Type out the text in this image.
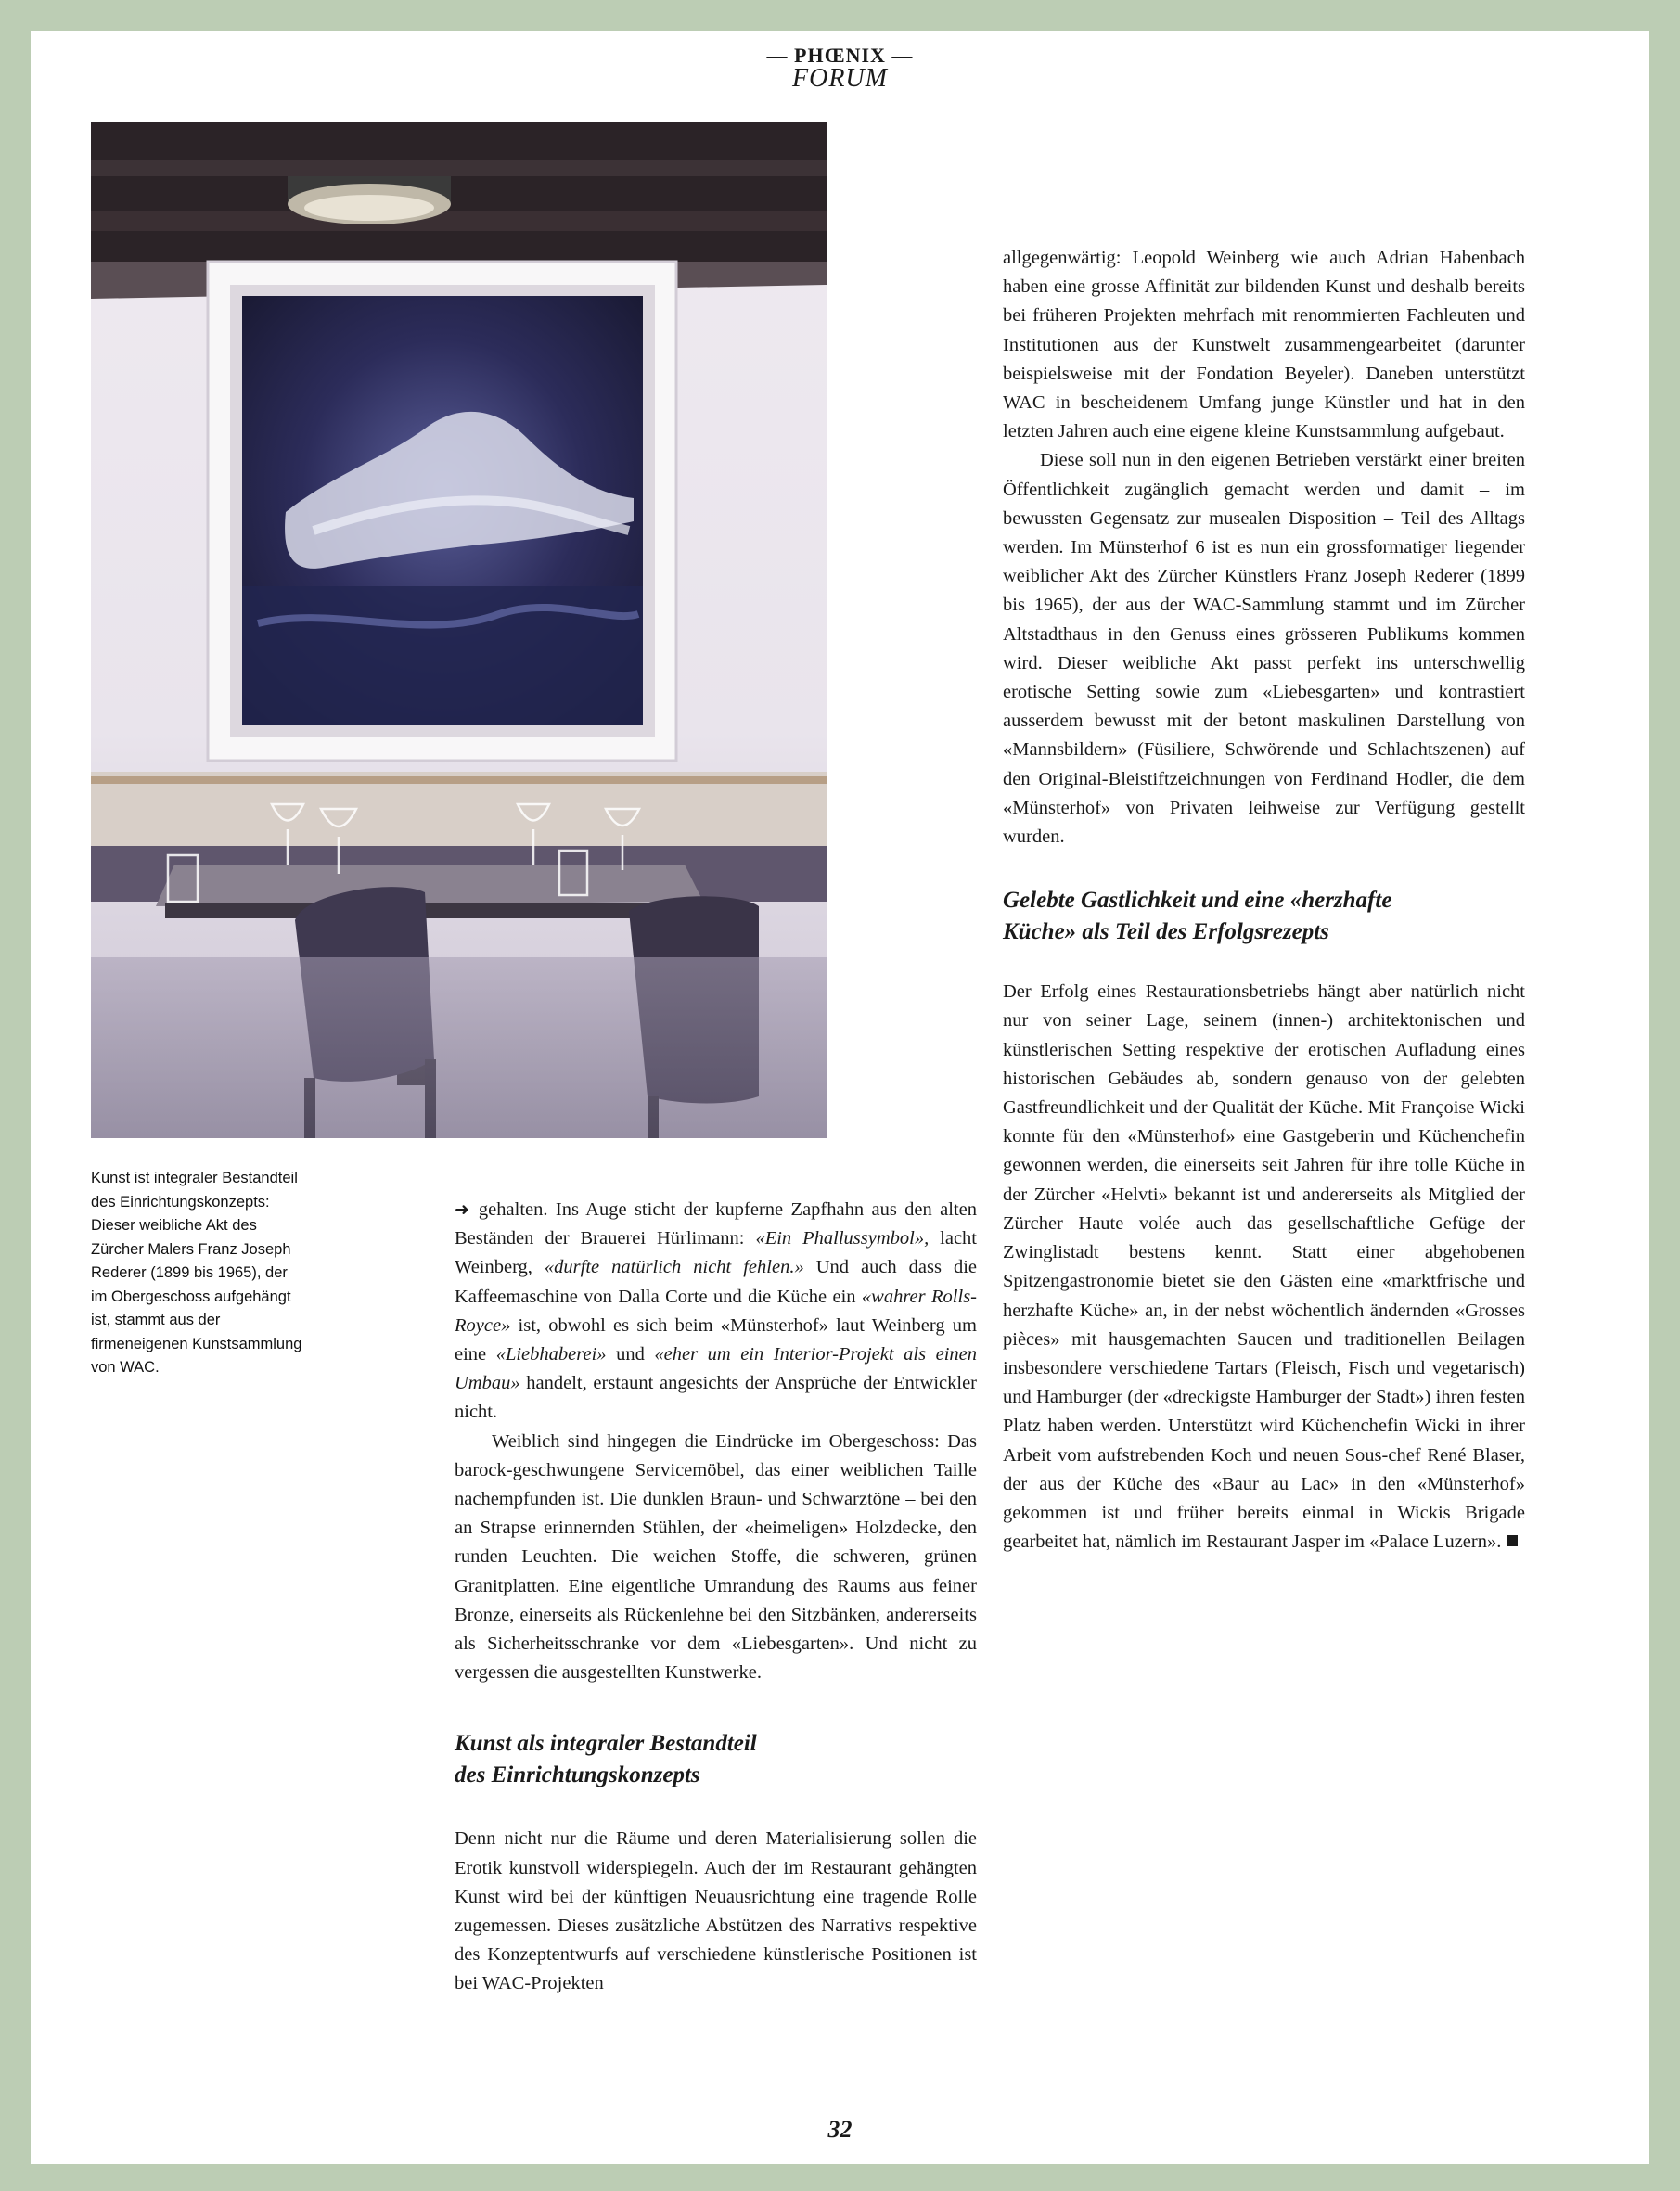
— PHŒNIX —
FORUM
Kunst ist integraler Bestandteil des Einrichtungskonzepts: Dieser weibliche Akt des Zürcher Malers Franz Joseph Rederer (1899 bis 1965), der im Obergeschoss aufgehängt ist, stammt aus der firmeneigenen Kunstsammlung von WAC.

➜ gehalten. Ins Auge sticht der kupferne Zapfhahn aus den alten Beständen der Brauerei Hürlimann: «Ein Phallussymbol», lacht Weinberg, «durfte natürlich nicht fehlen.» Und auch dass die Kaffeemaschine von Dalla Corte und die Küche ein «wahrer Rolls-Royce» ist, obwohl es sich beim «Münsterhof» laut Weinberg um eine «Liebhaberei» und «eher um ein Interior-Projekt als einen Umbau» handelt, erstaunt angesichts der Ansprüche der Entwickler nicht.

Weiblich sind hingegen die Eindrücke im Obergeschoss: Das barock-geschwungene Servicemöbel, das einer weiblichen Taille nachempfunden ist. Die dunklen Braun- und Schwarztöne – bei den an Strapse erinnernden Stühlen, der «heimeligen» Holzdecke, den runden Leuchten. Die weichen Stoffe, die schweren, grünen Granitplatten. Eine eigentliche Umrandung des Raums aus feiner Bronze, einerseits als Rückenlehne bei den Sitzbänken, andererseits als Sicherheitsschranke vor dem «Liebesgarten». Und nicht zu vergessen die ausgestellten Kunstwerke.

Kunst als integraler Bestandteil
des Einrichtungskonzepts

Denn nicht nur die Räume und deren Materialisierung sollen die Erotik kunstvoll widerspiegeln. Auch der im Restaurant gehängten Kunst wird bei der künftigen Neuausrichtung eine tragende Rolle zugemessen. Dieses zusätzliche Abstützen des Narrativs respektive des Konzeptentwurfs auf verschiedene künstlerische Positionen ist bei WAC-Projekten

allgegenwärtig: Leopold Weinberg wie auch Adrian Habenbach haben eine grosse Affinität zur bildenden Kunst und deshalb bereits bei früheren Projekten mehrfach mit renommierten Fachleuten und Institutionen aus der Kunstwelt zusammengearbeitet (darunter beispielsweise mit der Fondation Beyeler). Daneben unterstützt WAC in bescheidenem Umfang junge Künstler und hat in den letzten Jahren auch eine eigene kleine Kunstsammlung aufgebaut.

Diese soll nun in den eigenen Betrieben verstärkt einer breiten Öffentlichkeit zugänglich gemacht werden und damit – im bewussten Gegensatz zur musealen Disposition – Teil des Alltags werden. Im Münsterhof 6 ist es nun ein grossformatiger liegender weiblicher Akt des Zürcher Künstlers Franz Joseph Rederer (1899 bis 1965), der aus der WAC-Sammlung stammt und im Zürcher Altstadthaus in den Genuss eines grösseren Publikums kommen wird. Dieser weibliche Akt passt perfekt ins unterschwellig erotische Setting sowie zum «Liebesgarten» und kontrastiert ausserdem bewusst mit der betont maskulinen Darstellung von «Mannsbildern» (Füsiliere, Schwörende und Schlachtszenen) auf den Original-Bleistiftzeichnungen von Ferdinand Hodler, die dem «Münsterhof» von Privaten leihweise zur Verfügung gestellt wurden.

Gelebte Gastlichkeit und eine «herzhafte
Küche» als Teil des Erfolgsrezepts

Der Erfolg eines Restaurationsbetriebs hängt aber natürlich nicht nur von seiner Lage, seinem (innen-) architektonischen und künstlerischen Setting respektive der erotischen Aufladung eines historischen Gebäudes ab, sondern genauso von der gelebten Gastfreundlichkeit und der Qualität der Küche. Mit Françoise Wicki konnte für den «Münsterhof» eine Gastgeberin und Küchenchefin gewonnen werden, die einerseits seit Jahren für ihre tolle Küche in der Zürcher «Helvti» bekannt ist und andererseits als Mitglied der Zürcher Haute volée auch das gesellschaftliche Gefüge der Zwinglistadt bestens kennt. Statt einer abgehobenen Spitzengastronomie bietet sie den Gästen eine «marktfrische und herzhafte Küche» an, in der nebst wöchentlich ändernden «Grosses pièces» mit hausgemachten Saucen und traditionellen Beilagen insbesondere verschiedene Tartars (Fleisch, Fisch und vegetarisch) und Hamburger (der «dreckigste Hamburger der Stadt») ihren festen Platz haben werden. Unterstützt wird Küchenchefin Wicki in ihrer Arbeit vom aufstrebenden Koch und neuen Sous-chef René Blaser, der aus der Küche des «Baur au Lac» in den «Münsterhof» gekommen ist und früher bereits einmal in Wickis Brigade gearbeitet hat, nämlich im Restaurant Jasper im «Palace Luzern».

32
